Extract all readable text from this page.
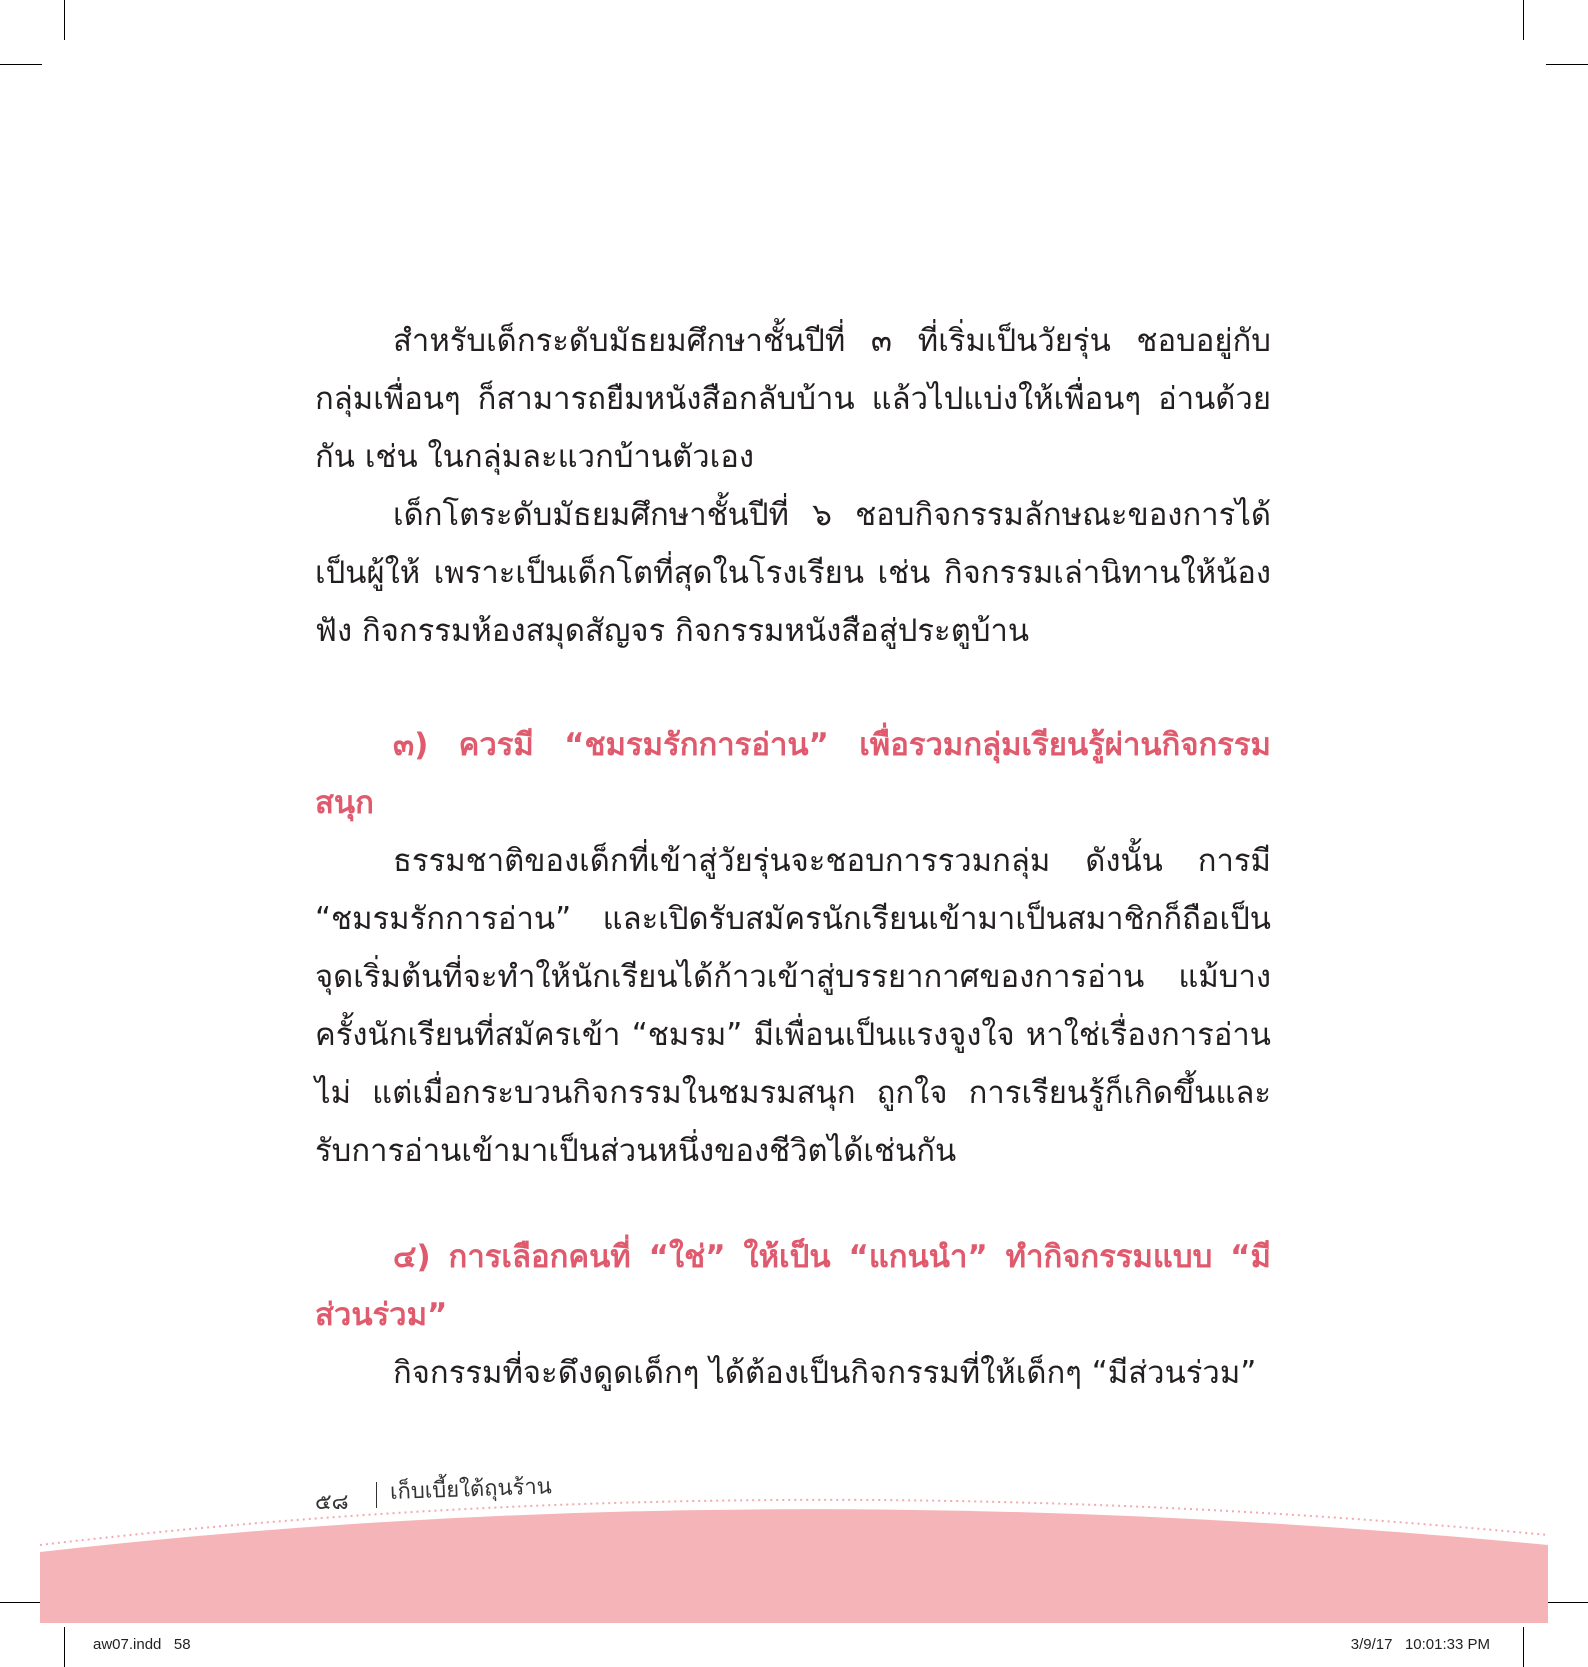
สำหรับเด็กระดับมัธยมศึกษาชั้นปีที่ ๓ ที่เริ่มเป็นวัยรุ่น ชอบอยู่กับกลุ่มเพื่อนๆ ก็สามารถยืมหนังสือกลับบ้าน แล้วไปแบ่งให้เพื่อนๆ อ่านด้วยกัน เช่น ในกลุ่มละแวกบ้านตัวเอง

เด็กโตระดับมัธยมศึกษาชั้นปีที่ ๖ ชอบกิจกรรมลักษณะของการได้เป็นผู้ให้ เพราะเป็นเด็กโตที่สุดในโรงเรียน เช่น กิจกรรมเล่านิทานให้น้องฟัง กิจกรรมห้องสมุดสัญจร กิจกรรมหนังสือสู่ประตูบ้าน

๓) ควรมี “ชมรมรักการอ่าน” เพื่อรวมกลุ่มเรียนรู้ผ่านกิจกรรมสนุก

ธรรมชาติของเด็กที่เข้าสู่วัยรุ่นจะชอบการรวมกลุ่ม ดังนั้น การมี “ชมรมรักการอ่าน” และเปิดรับสมัครนักเรียนเข้ามาเป็นสมาชิกก็ถือเป็นจุดเริ่มต้นที่จะทำให้นักเรียนได้ก้าวเข้าสู่บรรยากาศของการอ่าน แม้บางครั้งนักเรียนที่สมัครเข้า “ชมรม” มีเพื่อนเป็นแรงจูงใจ หาใช่เรื่องการอ่านไม่ แต่เมื่อกระบวนกิจกรรมในชมรมสนุก ถูกใจ การเรียนรู้ก็เกิดขึ้นและรับการอ่านเข้ามาเป็นส่วนหนึ่งของชีวิตได้เช่นกัน

๔) การเลือกคนที่ “ใช่” ให้เป็น “แกนนำ” ทำกิจกรรมแบบ “มีส่วนร่วม”

กิจกรรมที่จะดึงดูดเด็กๆ ได้ต้องเป็นกิจกรรมที่ให้เด็กๆ “มีส่วนร่วม”

๕๘ เก็บเบี้ยใต้ถุนร้าน
aw07.indd   58	3/9/17   10:01:33 PM
